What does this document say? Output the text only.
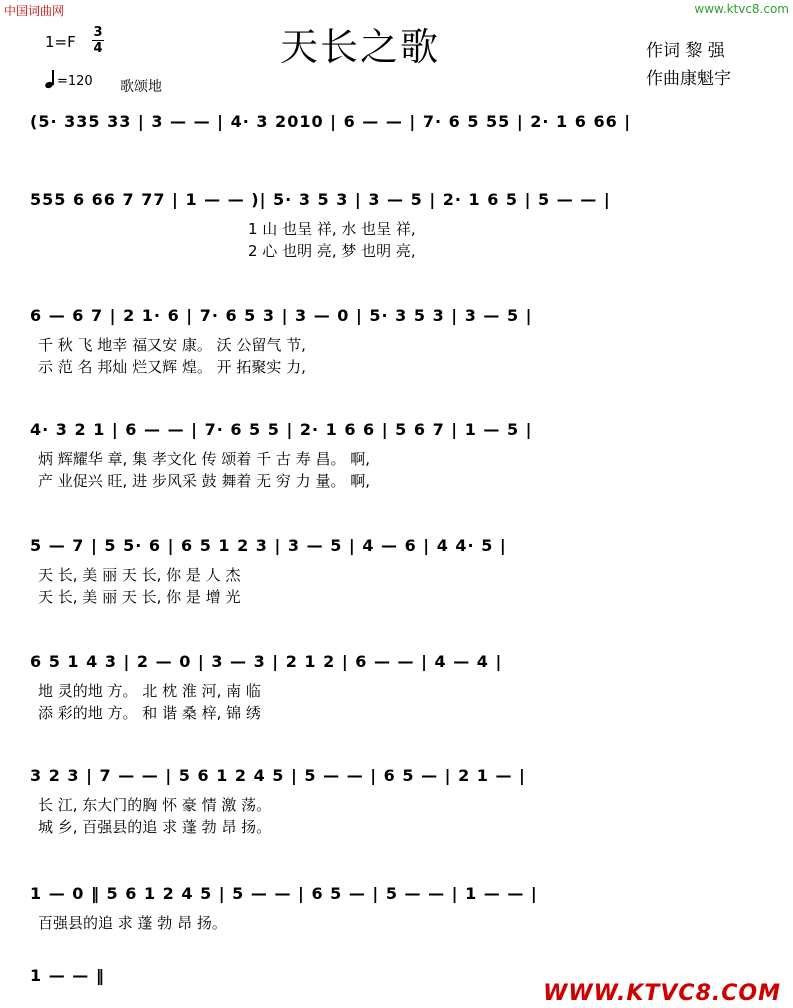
中国词曲网	www.ktvc8.com
天长之歌
1=F
3
4
=120 歌颂地
作词 黎 强
作曲康魁宇
(5· 335 33 | 3 — — | 4· 3 2010 | 6 — — | 7· 6 5 55 | 2· 1 6 66 |
555 6 66 7 77 | 1 — — )| 5· 3 5 3 | 3 — 5 | 2· 1 6 5 | 5 — — |
1 山 也呈 祥, 水 也呈 祥,
2 心 也明 亮, 梦 也明 亮,
6 — 6 7 | 2 1· 6 | 7· 6 5 3 | 3 — 0 | 5· 3 5 3 | 3 — 5 |
千 秋 飞 地幸 福又安 康。 沃 公留气 节,
示 范 名 邦灿 烂又辉 煌。 开 拓聚实 力,
4· 3 2 1 | 6 — — | 7· 6 5 5 | 2· 1 6 6 | 5 6 7 | 1 — 5 |
炳 辉耀华 章, 集 孝文化 传 颂着 千 古 寿 昌。 啊,
产 业促兴 旺, 进 步风采 鼓 舞着 无 穷 力 量。 啊,
5 — 7 | 5 5· 6 | 6 5 1 2 3 | 3 — 5 | 4 — 6 | 4 4· 5 |
天 长, 美 丽 天 长, 你 是 人 杰
天 长, 美 丽 天 长, 你 是 增 光
6 5 1 4 3 | 2 — 0 | 3 — 3 | 2 1 2 | 6 — — | 4 — 4 |
地 灵的地 方。 北 枕 淮 河, 南 临
添 彩的地 方。 和 谐 桑 梓, 锦 绣
3 2 3 | 7 — — | 5 6 1 2 4 5 | 5 — — | 6 5 — | 2 1 — |
长 江, 东大门的胸 怀 豪 情 激 荡。
城 乡, 百强县的追 求 蓬 勃 昂 扬。
1 — 0 ‖ 5 6 1 2 4 5 | 5 — — | 6 5 — | 5 — — | 1 — — |
百强县的追 求 蓬 勃 昂 扬。
1 — — ‖
WWW.KTVC8.COM
